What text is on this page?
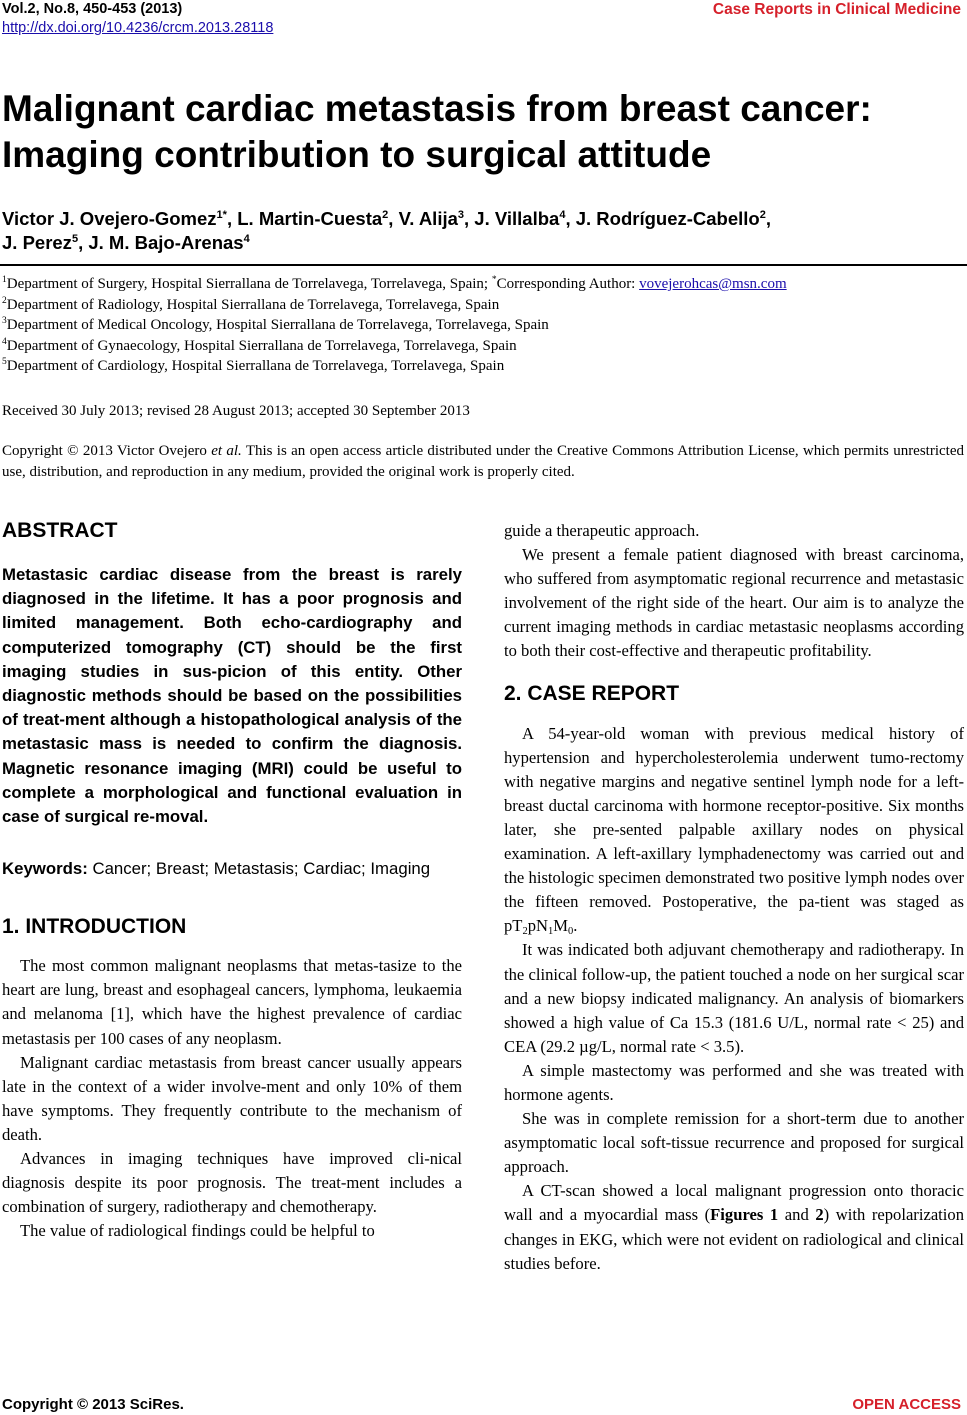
Vol.2, No.8, 450-453 (2013)
http://dx.doi.org/10.4236/crcm.2013.28118
Case Reports in Clinical Medicine
Malignant cardiac metastasis from breast cancer:
Imaging contribution to surgical attitude
Victor J. Ovejero-Gomez$^{1*}$, L. Martin-Cuesta$^2$, V. Alija$^3$, J. Villalba$^4$, J. Rodríguez-Cabello$^2$,
J. Perez$^5$, J. M. Bajo-Arenas$^4$
$^1$Department of Surgery, Hospital Sierrallana de Torrelavega, Torrelavega, Spain; *Corresponding Author: vovejerohcas@msn.com
$^2$Department of Radiology, Hospital Sierrallana de Torrelavega, Torrelavega, Spain
$^3$Department of Medical Oncology, Hospital Sierrallana de Torrelavega, Torrelavega, Spain
$^4$Department of Gynaecology, Hospital Sierrallana de Torrelavega, Torrelavega, Spain
$^5$Department of Cardiology, Hospital Sierrallana de Torrelavega, Torrelavega, Spain
Received 30 July 2013; revised 28 August 2013; accepted 30 September 2013
Copyright © 2013 Victor Ovejero et al. This is an open access article distributed under the Creative Commons Attribution License, which permits unrestricted use, distribution, and reproduction in any medium, provided the original work is properly cited.
ABSTRACT
Metastasic cardiac disease from the breast is rarely diagnosed in the lifetime. It has a poor prognosis and limited management. Both echo-cardiography and computerized tomography (CT) should be the first imaging studies in sus-picion of this entity. Other diagnostic methods should be based on the possibilities of treat-ment although a histopathological analysis of the metastasic mass is needed to confirm the diagnosis. Magnetic resonance imaging (MRI) could be useful to complete a morphological and functional evaluation in case of surgical re-moval.
Keywords: Cancer; Breast; Metastasis; Cardiac; Imaging
1. INTRODUCTION

The most common malignant neoplasms that metas-tasize to the heart are lung, breast and esophageal cancers, lymphoma, leukaemia and melanoma [1], which have the highest prevalence of cardiac metastasis per 100 cases of any neoplasm.

Malignant cardiac metastasis from breast cancer usually appears late in the context of a wider involve-ment and only 10% of them have symptoms. They frequently contribute to the mechanism of death.

Advances in imaging techniques have improved cli-nical diagnosis despite its poor prognosis. The treat-ment includes a combination of surgery, radiotherapy and chemotherapy.

The value of radiological findings could be helpful to

guide a therapeutic approach.

We present a female patient diagnosed with breast carcinoma, who suffered from asymptomatic regional recurrence and metastasic involvement of the right side of the heart. Our aim is to analyze the current imaging methods in cardiac metastasic neoplasms according to both their cost-effective and therapeutic profitability.

2. CASE REPORT

A 54-year-old woman with previous medical history of hypertension and hypercholesterolemia underwent tumo-rectomy with negative margins and negative sentinel lymph node for a left-breast ductal carcinoma with hormone receptor-positive. Six months later, she pre-sented palpable axillary nodes on physical examination. A left-axillary lymphadenectomy was carried out and the histologic specimen demonstrated two positive lymph nodes over the fifteen removed. Postoperative, the pa-tient was staged as $pT_2pN_1M_0$.

It was indicated both adjuvant chemotherapy and radiotherapy. In the clinical follow-up, the patient touched a node on her surgical scar and a new biopsy indicated malignancy. An analysis of biomarkers showed a high value of Ca 15.3 (181.6 U/L, normal rate < 25) and CEA (29.2 µg/L, normal rate < 3.5).

A simple mastectomy was performed and she was treated with hormone agents.

She was in complete remission for a short-term due to another asymptomatic local soft-tissue recurrence and proposed for surgical approach.

A CT-scan showed a local malignant progression onto thoracic wall and a myocardial mass (Figures 1 and 2) with repolarization changes in EKG, which were not evident on radiological and clinical studies before.

Copyright © 2013 SciRes.	OPEN ACCESS
